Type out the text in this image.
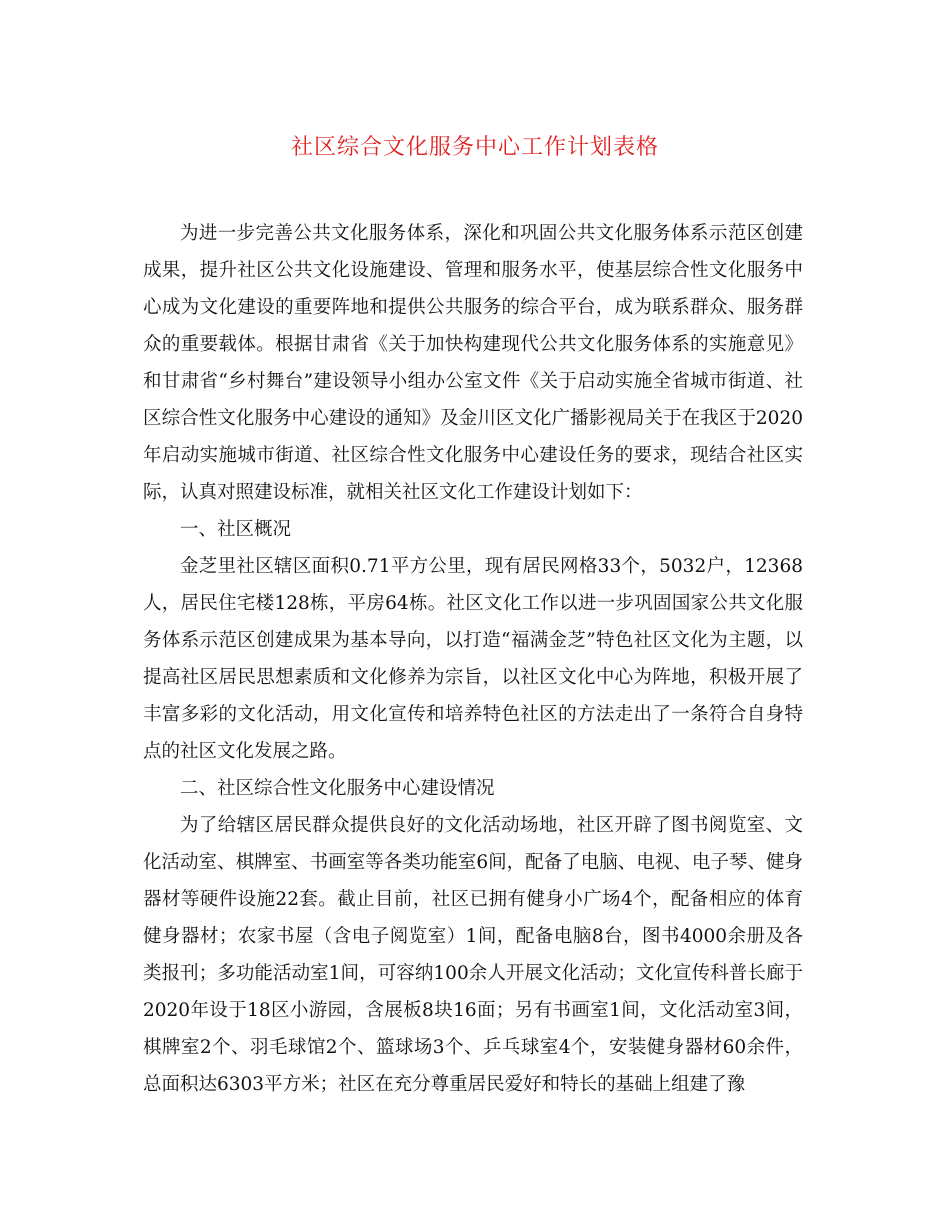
社区综合文化服务中心工作计划表格

为进一步完善公共文化服务体系，深化和巩固公共文化服务体系示范区创建成果，提升社区公共文化设施建设、管理和服务水平，使基层综合性文化服务中心成为文化建设的重要阵地和提供公共服务的综合平台，成为联系群众、服务群众的重要载体。根据甘肃省《关于加快构建现代公共文化服务体系的实施意见》和甘肃省“乡村舞台”建设领导小组办公室文件《关于启动实施全省城市街道、社区综合性文化服务中心建设的通知》及金川区文化广播影视局关于在我区于2020年启动实施城市街道、社区综合性文化服务中心建设任务的要求，现结合社区实际，认真对照建设标准，就相关社区文化工作建设计划如下：

一、社区概况

金芝里社区辖区面积0.71平方公里，现有居民网格33个，5032户，12368人，居民住宅楼128栋，平房64栋。社区文化工作以进一步巩固国家公共文化服务体系示范区创建成果为基本导向，以打造“福满金芝”特色社区文化为主题，以提高社区居民思想素质和文化修养为宗旨，以社区文化中心为阵地，积极开展了丰富多彩的文化活动，用文化宣传和培养特色社区的方法走出了一条符合自身特点的社区文化发展之路。

二、社区综合性文化服务中心建设情况

为了给辖区居民群众提供良好的文化活动场地，社区开辟了图书阅览室、文化活动室、棋牌室、书画室等各类功能室6间，配备了电脑、电视、电子琴、健身器材等硬件设施22套。截止目前，社区已拥有健身小广场4个，配备相应的体育健身器材；农家书屋（含电子阅览室）1间，配备电脑8台，图书4000余册及各类报刊；多功能活动室1间，可容纳100余人开展文化活动；文化宣传科普长廊于2020年设于18区小游园，含展板8块16面；另有书画室1间，文化活动室3间，棋牌室2个、羽毛球馆2个、篮球场3个、乒乓球室4个，安装健身器材60余件，总面积达6303平方米；社区在充分尊重居民爱好和特长的基础上组建了豫
